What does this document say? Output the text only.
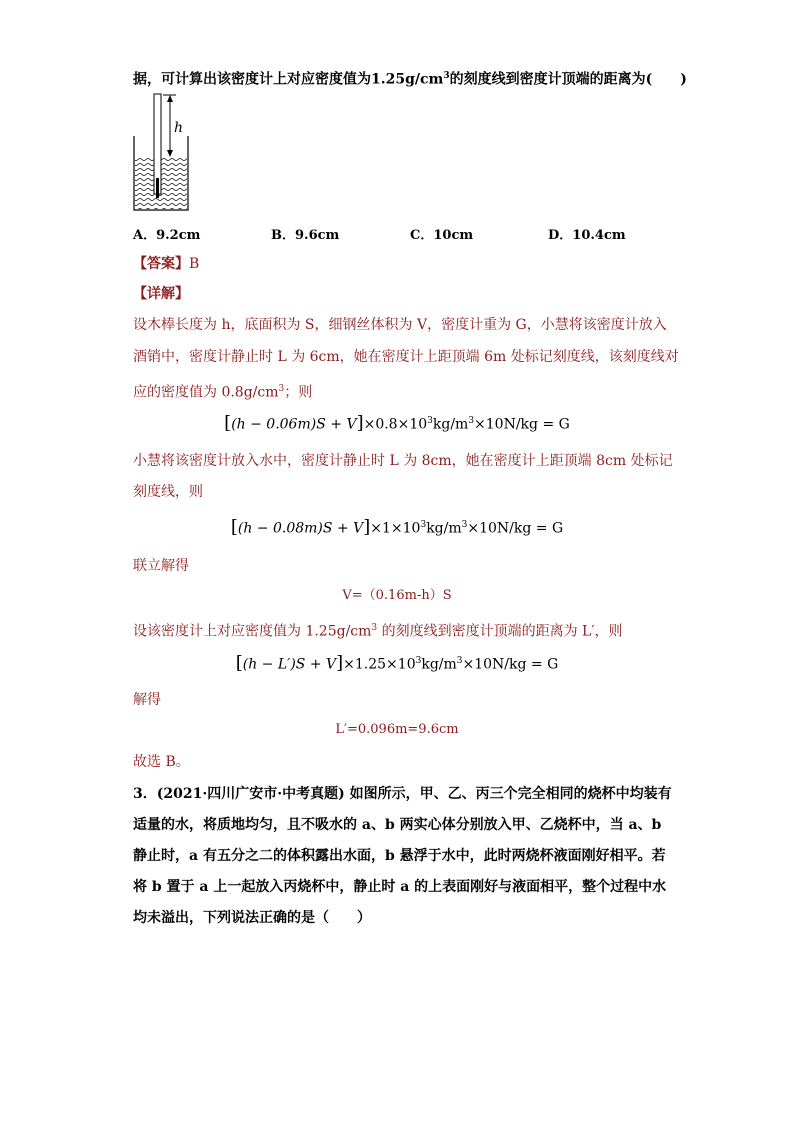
据，可计算出该密度计上对应密度值为$1.25g/cm^3$的刻度线到密度计顶端的距离为(　　)
h
A．9.2cm	B．9.6cm	C．10cm	D．10.4cm
【答案】B
【详解】
设木棒长度为 h，底面积为 S，细钢丝体积为 V，密度计重为 G，小慧将该密度计放入
酒销中，密度计静止时 L 为 6cm，她在密度计上距顶端 6m 处标记刻度线，该刻度线对
应的密度值为 $0.8g/cm^3$；则
$[(h - 0.06m)S + V]\times 0.8\times 10^3kg/m^3\times 10N/kg = G$
小慧将该密度计放入水中，密度计静止时 L 为 8cm，她在密度计上距顶端 8cm 处标记
刻度线，则
$[(h - 0.08m)S + V]\times 1\times 10^3kg/m^3\times 10N/kg = G$
联立解得
V=（0.16m-h）S
设该密度计上对应密度值为 $1.25g/cm^3$ 的刻度线到密度计顶端的距离为 L′，则
$[(h - L')S + V]\times 1.25\times 10^3kg/m^3\times 10N/kg = G$
解得
L′=0.096m=9.6cm
故选 B。
3．(2021·四川广安市·中考真题) 如图所示，甲、乙、丙三个完全相同的烧杯中均装有
适量的水，将质地均匀，且不吸水的 a、b 两实心体分别放入甲、乙烧杯中，当 a、b
静止时，a 有五分之二的体积露出水面，b 悬浮于水中，此时两烧杯液面刚好相平。若
将 b 置于 a 上一起放入丙烧杯中，静止时 a 的上表面刚好与液面相平，整个过程中水
均未溢出，下列说法正确的是（　　）
